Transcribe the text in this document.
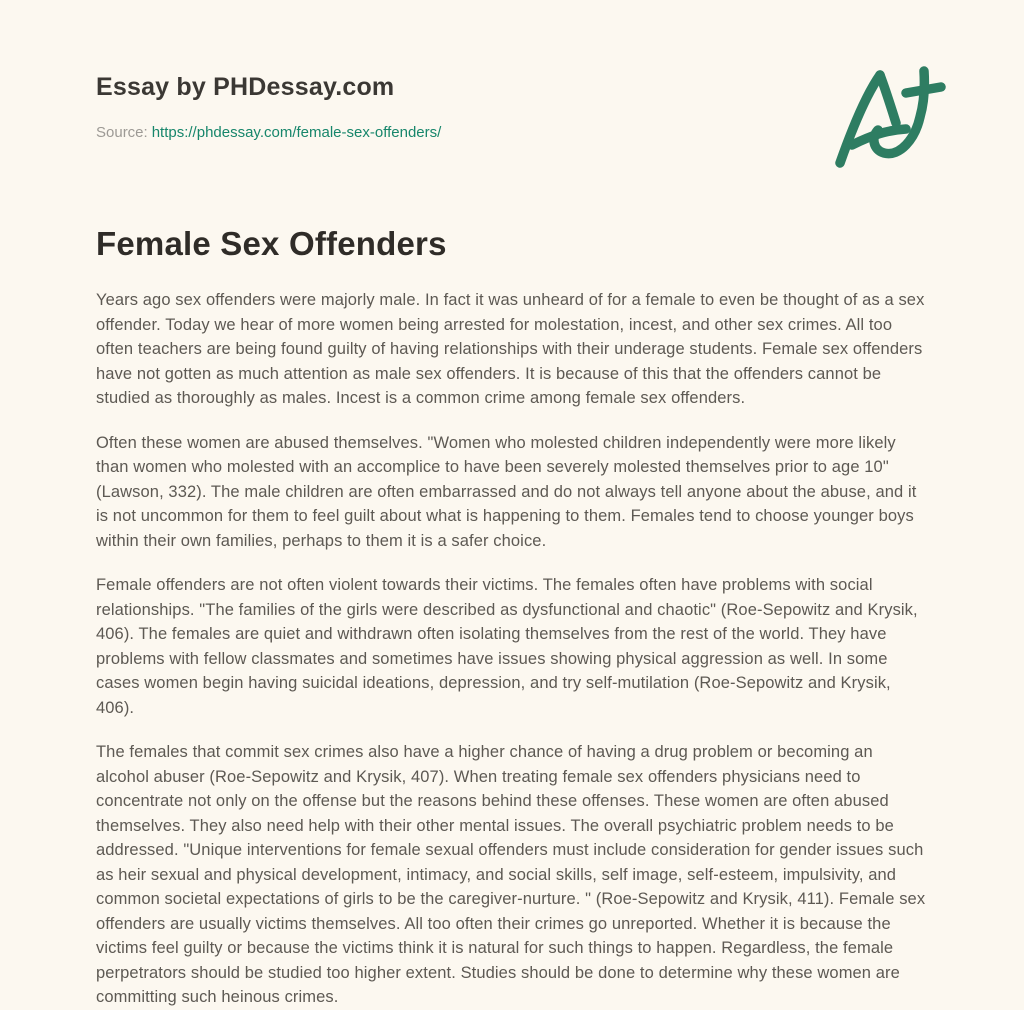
Essay by PHDessay.com

Source: https://phdessay.com/female-sex-offenders/

Female Sex Offenders

Years ago sex offenders were majorly male. In fact it was unheard of for a female to even be thought of as a sex offender. Today we hear of more women being arrested for molestation, incest, and other sex crimes. All too often teachers are being found guilty of having relationships with their underage students. Female sex offenders have not gotten as much attention as male sex offenders. It is because of this that the offenders cannot be studied as thoroughly as males. Incest is a common crime among female sex offenders.

Often these women are abused themselves. "Women who molested children independently were more likely than women who molested with an accomplice to have been severely molested themselves prior to age 10" (Lawson, 332). The male children are often embarrassed and do not always tell anyone about the abuse, and it is not uncommon for them to feel guilt about what is happening to them. Females tend to choose younger boys within their own families, perhaps to them it is a safer choice.

Female offenders are not often violent towards their victims. The females often have problems with social relationships. "The families of the girls were described as dysfunctional and chaotic" (Roe-Sepowitz and Krysik, 406). The females are quiet and withdrawn often isolating themselves from the rest of the world. They have problems with fellow classmates and sometimes have issues showing physical aggression as well. In some cases women begin having suicidal ideations, depression, and try self-mutilation (Roe-Sepowitz and Krysik, 406).

The females that commit sex crimes also have a higher chance of having a drug problem or becoming an alcohol abuser (Roe-Sepowitz and Krysik, 407). When treating female sex offenders physicians need to concentrate not only on the offense but the reasons behind these offenses. These women are often abused themselves. They also need help with their other mental issues. The overall psychiatric problem needs to be addressed. "Unique interventions for female sexual offenders must include consideration for gender issues such as heir sexual and physical development, intimacy, and social skills, self image, self-esteem, impulsivity, and common societal expectations of girls to be the caregiver-nurture. " (Roe-Sepowitz and Krysik, 411). Female sex offenders are usually victims themselves. All too often their crimes go unreported. Whether it is because the victims feel guilty or because the victims think it is natural for such things to happen. Regardless, the female perpetrators should be studied too higher extent. Studies should be done to determine why these women are committing such heinous crimes.
